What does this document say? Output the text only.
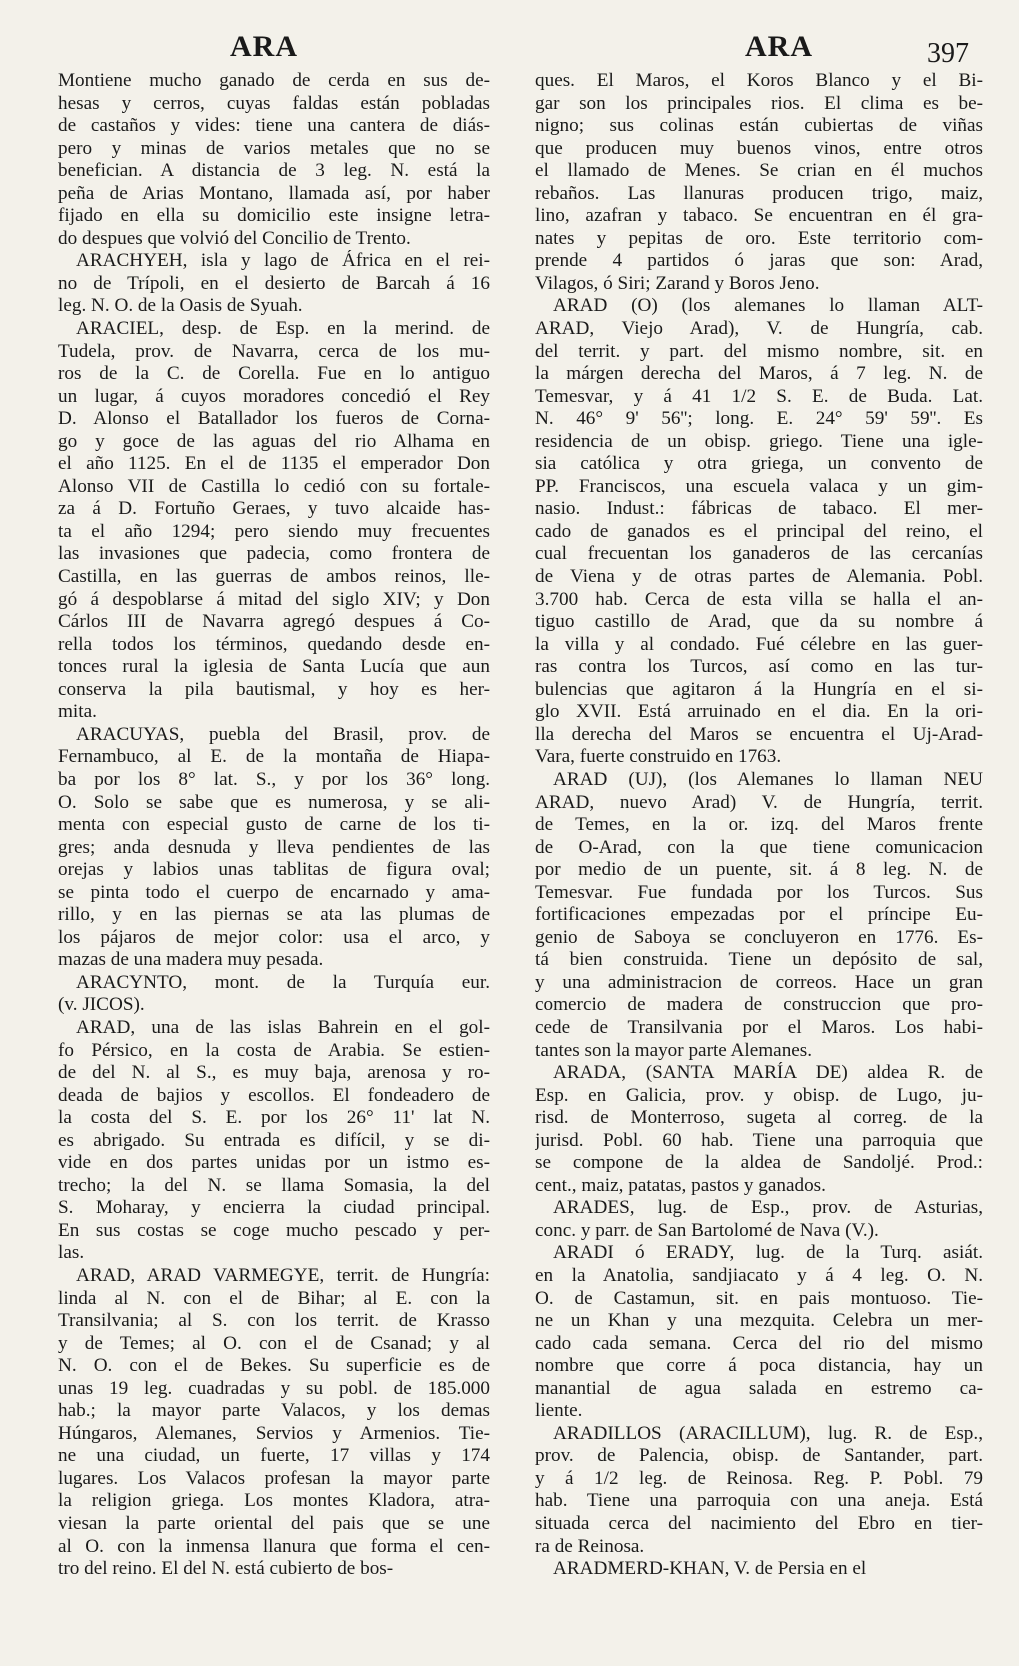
ARA	ARA	397
Montiene mucho ganado de cerda en sus de-
hesas y cerros, cuyas faldas están pobladas
de castaños y vides: tiene una cantera de diás-
pero y minas de varios metales que no se
benefician. A distancia de 3 leg. N. está la
peña de Arias Montano, llamada así, por haber
fijado en ella su domicilio este insigne letra-
do despues que volvió del Concilio de Trento.
ARACHYEH, isla y lago de África en el rei-
no de Trípoli, en el desierto de Barcah á 16
leg. N. O. de la Oasis de Syuah.
ARACIEL, desp. de Esp. en la merind. de
Tudela, prov. de Navarra, cerca de los mu-
ros de la C. de Corella. Fue en lo antiguo
un lugar, á cuyos moradores concedió el Rey
D. Alonso el Batallador los fueros de Corna-
go y goce de las aguas del rio Alhama en
el año 1125. En el de 1135 el emperador Don
Alonso VII de Castilla lo cedió con su fortale-
za á D. Fortuño Geraes, y tuvo alcaide has-
ta el año 1294; pero siendo muy frecuentes
las invasiones que padecia, como frontera de
Castilla, en las guerras de ambos reinos, lle-
gó á despoblarse á mitad del siglo XIV; y Don
Cárlos III de Navarra agregó despues á Co-
rella todos los términos, quedando desde en-
tonces rural la iglesia de Santa Lucía que aun
conserva la pila bautismal, y hoy es her-
mita.
ARACUYAS, puebla del Brasil, prov. de
Fernambuco, al E. de la montaña de Hiapa-
ba por los 8° lat. S., y por los 36° long.
O. Solo se sabe que es numerosa, y se ali-
menta con especial gusto de carne de los ti-
gres; anda desnuda y lleva pendientes de las
orejas y labios unas tablitas de figura oval;
se pinta todo el cuerpo de encarnado y ama-
rillo, y en las piernas se ata las plumas de
los pájaros de mejor color: usa el arco, y
mazas de una madera muy pesada.
ARACYNTO, mont. de la Turquía eur.
(v. JICOS).
ARAD, una de las islas Bahrein en el gol-
fo Pérsico, en la costa de Arabia. Se estien-
de del N. al S., es muy baja, arenosa y ro-
deada de bajios y escollos. El fondeadero de
la costa del S. E. por los 26° 11' lat N.
es abrigado. Su entrada es difícil, y se di-
vide en dos partes unidas por un istmo es-
trecho; la del N. se llama Somasia, la del
S. Moharay, y encierra la ciudad principal.
En sus costas se coge mucho pescado y per-
las.
ARAD, ARAD VARMEGYE, territ. de Hungría:
linda al N. con el de Bihar; al E. con la
Transilvania; al S. con los territ. de Krasso
y de Temes; al O. con el de Csanad; y al
N. O. con el de Bekes. Su superficie es de
unas 19 leg. cuadradas y su pobl. de 185.000
hab.; la mayor parte Valacos, y los demas
Húngaros, Alemanes, Servios y Armenios. Tie-
ne una ciudad, un fuerte, 17 villas y 174
lugares. Los Valacos profesan la mayor parte
la religion griega. Los montes Kladora, atra-
viesan la parte oriental del pais que se une
al O. con la inmensa llanura que forma el cen-
tro del reino. El del N. está cubierto de bos-
ques. El Maros, el Koros Blanco y el Bi-
gar son los principales rios. El clima es be-
nigno; sus colinas están cubiertas de viñas
que producen muy buenos vinos, entre otros
el llamado de Menes. Se crian en él muchos
rebaños. Las llanuras producen trigo, maiz,
lino, azafran y tabaco. Se encuentran en él gra-
nates y pepitas de oro. Este territorio com-
prende 4 partidos ó jaras que son: Arad,
Vilagos, ó Siri; Zarand y Boros Jeno.
ARAD (O) (los alemanes lo llaman ALT-
ARAD, Viejo Arad), V. de Hungría, cab.
del territ. y part. del mismo nombre, sit. en
la márgen derecha del Maros, á 7 leg. N. de
Temesvar, y á 41 1/2 S. E. de Buda. Lat.
N. 46° 9' 56''; long. E. 24° 59' 59''. Es
residencia de un obisp. griego. Tiene una igle-
sia católica y otra griega, un convento de
PP. Franciscos, una escuela valaca y un gim-
nasio. Indust.: fábricas de tabaco. El mer-
cado de ganados es el principal del reino, el
cual frecuentan los ganaderos de las cercanías
de Viena y de otras partes de Alemania. Pobl.
3.700 hab. Cerca de esta villa se halla el an-
tiguo castillo de Arad, que da su nombre á
la villa y al condado. Fué célebre en las guer-
ras contra los Turcos, así como en las tur-
bulencias que agitaron á la Hungría en el si-
glo XVII. Está arruinado en el dia. En la ori-
lla derecha del Maros se encuentra el Uj-Arad-
Vara, fuerte construido en 1763.
ARAD (UJ), (los Alemanes lo llaman NEU
ARAD, nuevo Arad) V. de Hungría, territ.
de Temes, en la or. izq. del Maros frente
de O-Arad, con la que tiene comunicacion
por medio de un puente, sit. á 8 leg. N. de
Temesvar. Fue fundada por los Turcos. Sus
fortificaciones empezadas por el príncipe Eu-
genio de Saboya se concluyeron en 1776. Es-
tá bien construida. Tiene un depósito de sal,
y una administracion de correos. Hace un gran
comercio de madera de construccion que pro-
cede de Transilvania por el Maros. Los habi-
tantes son la mayor parte Alemanes.
ARADA, (SANTA MARÍA DE) aldea R. de
Esp. en Galicia, prov. y obisp. de Lugo, ju-
risd. de Monterroso, sugeta al correg. de la
jurisd. Pobl. 60 hab. Tiene una parroquia que
se compone de la aldea de Sandoljé. Prod.:
cent., maiz, patatas, pastos y ganados.
ARADES, lug. de Esp., prov. de Asturias,
conc. y parr. de San Bartolomé de Nava (V.).
ARADI ó ERADY, lug. de la Turq. asiát.
en la Anatolia, sandjiacato y á 4 leg. O. N.
O. de Castamun, sit. en pais montuoso. Tie-
ne un Khan y una mezquita. Celebra un mer-
cado cada semana. Cerca del rio del mismo
nombre que corre á poca distancia, hay un
manantial de agua salada en estremo ca-
liente.
ARADILLOS (ARACILLUM), lug. R. de Esp.,
prov. de Palencia, obisp. de Santander, part.
y á 1/2 leg. de Reinosa. Reg. P. Pobl. 79
hab. Tiene una parroquia con una aneja. Está
situada cerca del nacimiento del Ebro en tier-
ra de Reinosa.
ARADMERD-KHAN, V. de Persia en el
